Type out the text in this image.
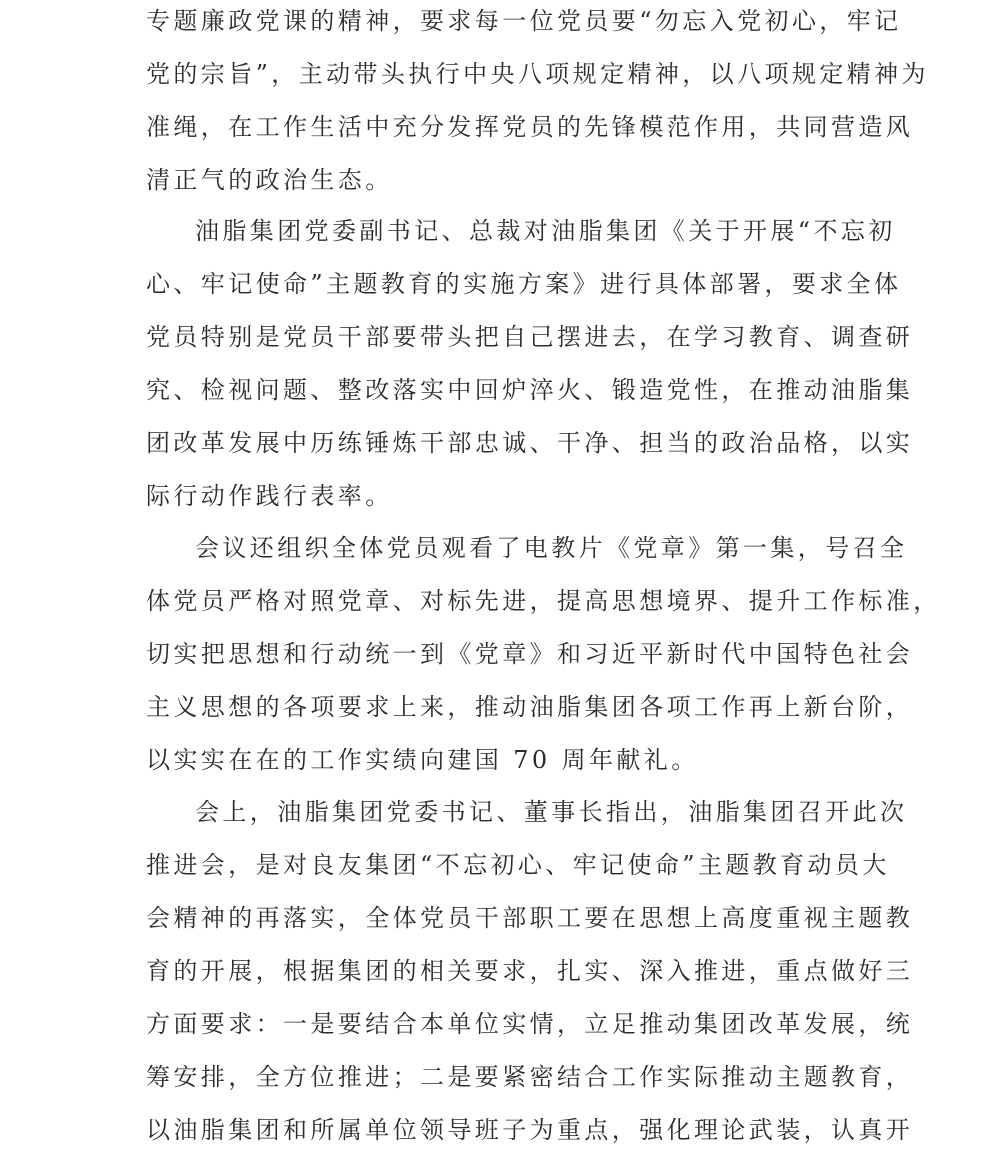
专题廉政党课的精神，要求每一位党员要“勿忘入党初心，牢记
党的宗旨”，主动带头执行中央八项规定精神，以八项规定精神为
准绳，在工作生活中充分发挥党员的先锋模范作用，共同营造风
清正气的政治生态。
油脂集团党委副书记、总裁对油脂集团《关于开展“不忘初
心、牢记使命”主题教育的实施方案》进行具体部署，要求全体
党员特别是党员干部要带头把自己摆进去，在学习教育、调查研
究、检视问题、整改落实中回炉淬火、锻造党性，在推动油脂集
团改革发展中历练锤炼干部忠诚、干净、担当的政治品格，以实
际行动作践行表率。
会议还组织全体党员观看了电教片《党章》第一集，号召全
体党员严格对照党章、对标先进，提高思想境界、提升工作标准，
切实把思想和行动统一到《党章》和习近平新时代中国特色社会
主义思想的各项要求上来，推动油脂集团各项工作再上新台阶，
以实实在在的工作实绩向建国 70 周年献礼。
会上，油脂集团党委书记、董事长指出，油脂集团召开此次
推进会，是对良友集团“不忘初心、牢记使命”主题教育动员大
会精神的再落实，全体党员干部职工要在思想上高度重视主题教
育的开展，根据集团的相关要求，扎实、深入推进，重点做好三
方面要求：一是要结合本单位实情，立足推动集团改革发展，统
筹安排，全方位推进；二是要紧密结合工作实际推动主题教育，
以油脂集团和所属单位领导班子为重点，强化理论武装，认真开
